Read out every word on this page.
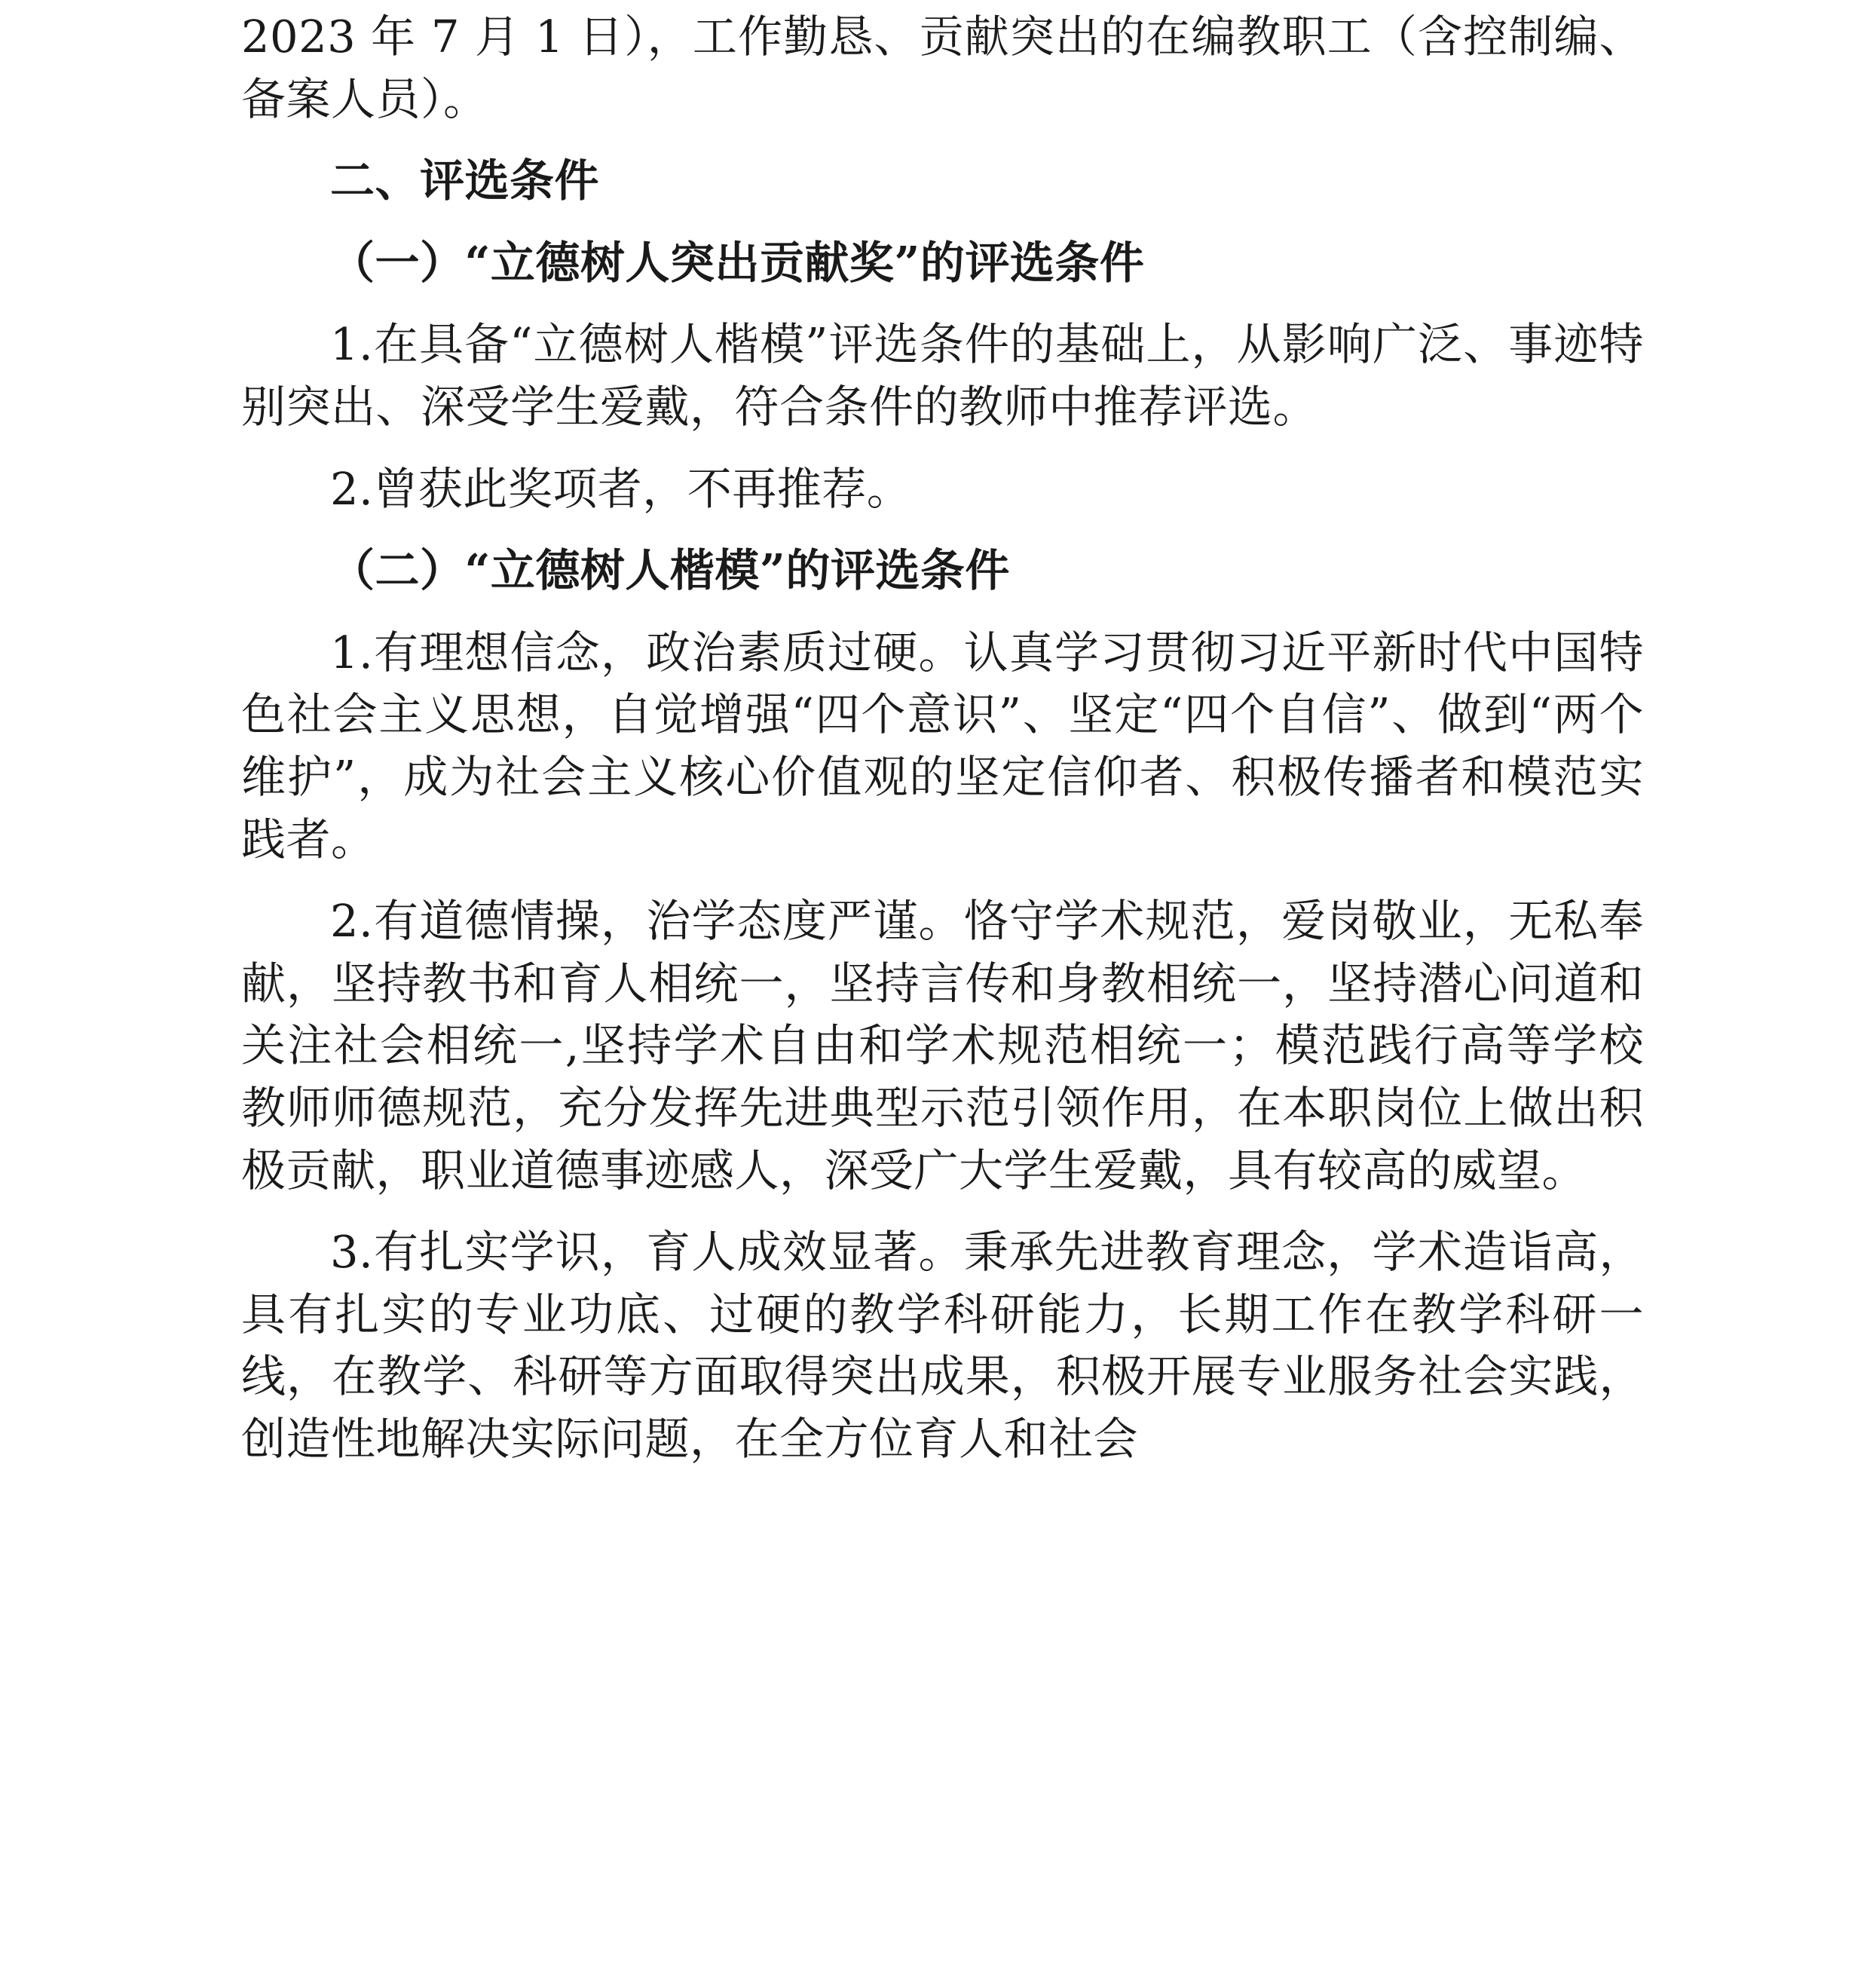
2023 年 7 月 1 日），工作勤恳、贡献突出的在编教职工（含控制编、备案人员）。

二、评选条件

（一）“立德树人突出贡献奖”的评选条件

1.在具备“立德树人楷模”评选条件的基础上，从影响广泛、事迹特别突出、深受学生爱戴，符合条件的教师中推荐评选。

2.曾获此奖项者，不再推荐。

（二）“立德树人楷模”的评选条件

1.有理想信念，政治素质过硬。认真学习贯彻习近平新时代中国特色社会主义思想，自觉增强“四个意识”、坚定“四个自信”、做到“两个维护”，成为社会主义核心价值观的坚定信仰者、积极传播者和模范实践者。

2.有道德情操，治学态度严谨。恪守学术规范，爱岗敬业，无私奉献，坚持教书和育人相统一，坚持言传和身教相统一，坚持潜心问道和关注社会相统一,坚持学术自由和学术规范相统一；模范践行高等学校教师师德规范，充分发挥先进典型示范引领作用，在本职岗位上做出积极贡献，职业道德事迹感人，深受广大学生爱戴，具有较高的威望。

3.有扎实学识，育人成效显著。秉承先进教育理念，学术造诣高，具有扎实的专业功底、过硬的教学科研能力，长期工作在教学科研一线，在教学、科研等方面取得突出成果，积极开展专业服务社会实践，创造性地解决实际问题，在全方位育人和社会
